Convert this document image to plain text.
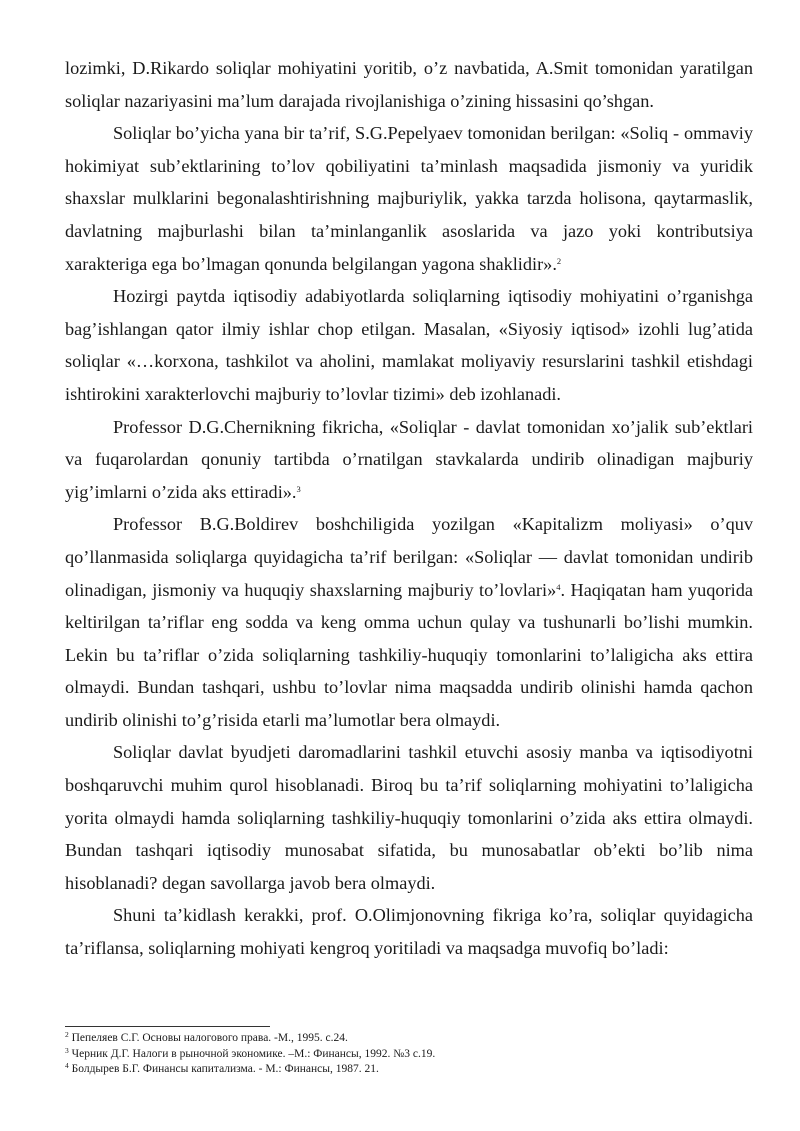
lozimki, D.Rikardo soliqlar mohiyatini yoritib, o’z navbatida, A.Smit tomonidan yaratilgan soliqlar nazariyasini ma’lum darajada rivojlanishiga o’zining hissasini qo’shgan.

Soliqlar bo’yicha yana bir ta’rif, S.G.Pepelyaev tomonidan berilgan: «Soliq - ommaviy hokimiyat sub’ektlarining to’lov qobiliyatini ta’minlash maqsadida jismoniy va yuridik shaxslar mulklarini begonalashtirishning majburiylik, yakka tarzda holisona, qaytarmaslik, davlatning majburlashi bilan ta’minlanganlik asoslarida va jazo yoki kontributsiya xarakteriga ega bo’lmagan qonunda belgilangan yagona shaklidir».$^2$

Hozirgi paytda iqtisodiy adabiyotlarda soliqlarning iqtisodiy mohiyatini o’rganishga bag’ishlangan qator ilmiy ishlar chop etilgan. Masalan, «Siyosiy iqtisod» izohli lug’atida soliqlar «…korxona, tashkilot va aholini, mamlakat moliyaviy resurslarini tashkil etishdagi ishtirokini xarakterlovchi majburiy to’lovlar tizimi» deb izohlanadi.

Professor D.G.Chernikning fikricha, «Soliqlar - davlat tomonidan xo’jalik sub’ektlari va fuqarolardan qonuniy tartibda o’rnatilgan stavkalarda undirib olinadigan majburiy yig’imlarni o’zida aks ettiradi».$^3$

Professor B.G.Boldirev boshchiligida yozilgan «Kapitalizm moliyasi» o’quv qo’llanmasida soliqlarga quyidagicha ta’rif berilgan: «Soliqlar — davlat tomonidan undirib olinadigan, jismoniy va huquqiy shaxslarning majburiy to’lovlari»$^4$. Haqiqatan ham yuqorida keltirilgan ta’riflar eng sodda va keng omma uchun qulay va tushunarli bo’lishi mumkin. Lekin bu ta’riflar o’zida soliqlarning tashkiliy-huquqiy tomonlarini to’laligicha aks ettira olmaydi. Bundan tashqari, ushbu to’lovlar nima maqsadda undirib olinishi hamda qachon undirib olinishi to’g’risida etarli ma’lumotlar bera olmaydi.

Soliqlar davlat byudjeti daromadlarini tashkil etuvchi asosiy manba va iqtisodiyotni boshqaruvchi muhim qurol hisoblanadi. Biroq bu ta’rif soliqlarning mohiyatini to’laligicha yorita olmaydi hamda soliqlarning tashkiliy-huquqiy tomonlarini o’zida aks ettira olmaydi. Bundan tashqari iqtisodiy munosabat sifatida, bu munosabatlar ob’ekti bo’lib nima hisoblanadi? degan savollarga javob bera olmaydi.

Shuni ta’kidlash kerakki, prof. O.Olimjonovning fikriga ko’ra, soliqlar quyidagicha ta’riflansa, soliqlarning mohiyati kengroq yoritiladi va maqsadga muvofiq bo’ladi:

$^2$ Пепеляев С.Г. Основы налогового права. -М., 1995. с.24.
$^3$ Черник Д.Г. Налоги в рыночной экономике. –М.: Финансы, 1992. №3 с.19.
$^4$ Болдырев Б.Г. Финансы капитализма. - М.: Финансы, 1987. 21.
